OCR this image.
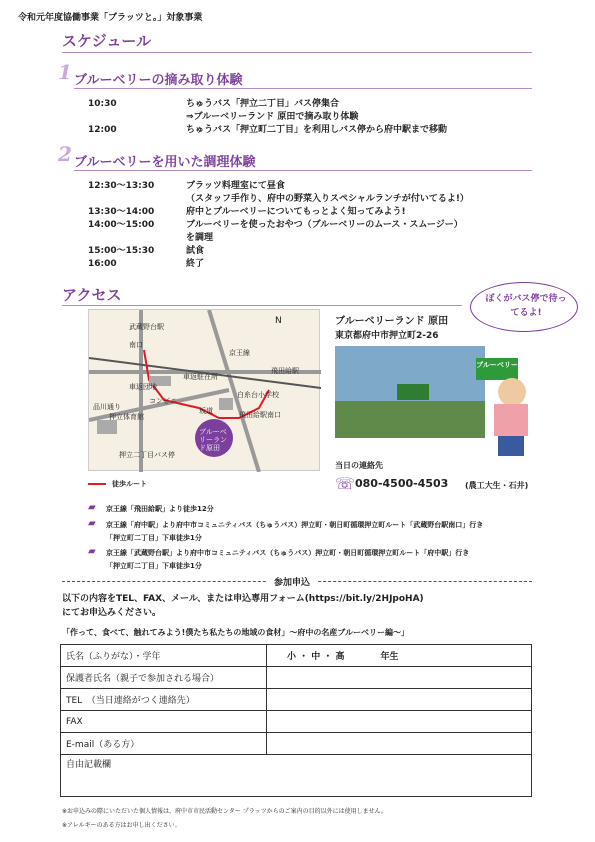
令和元年度協働事業「ブラッツと。」対象事業
スケジュール
1 ブルーベリーの摘み取り体験
10:30	ちゅうバス「押立二丁目」バス停集合
⇒ブルーベリーランド 原田で摘み取り体験
12:00	ちゅうバス「押立町二丁目」を利用しバス停から府中駅まで移動
2 ブルーベリーを用いた調理体験
12:30～13:30	ブラッツ料理室にて昼食
（スタッフ手作り、府中の野菜入りスペシャルランチが付いてるよ!）
13:30～14:00	府中とブルーベリーについてもっとよく知ってみよう!
14:00～15:00	ブルーベリーを使ったおやつ（ブルーベリーのムース・スムージー）
を調理
15:00～15:30	試食
16:00	終了
アクセス
武蔵野台駅
南口
京王線
飛田給駅
白糸台小学校
N
品川通り
押立体育館
押立二丁目バス停
ブルーベリーランド原田
車返駐在所
坂道
車返団地
飛田給駅南口
コンビニ
ブルーベリーランド 原田
東京都府中市押立町2-26
ぼくがバス停で待ってるよ!
ブルーベリー
当日の連絡先
☏ 080-4500-4503 (農工大生・石井)
徒歩ルート
▰ 京王線「飛田給駅」より徒歩12分
▰ 京王線「府中駅」より府中市コミュニティバス（ちゅうバス）押立町・朝日町循環押立町ルート「武蔵野台駅南口」行き
「押立町二丁目」下車徒歩1分
▰ 京王線「武蔵野台駅」より府中市コミュニティバス（ちゅうバス）押立町・朝日町循環押立町ルート「府中駅」行き
「押立町二丁目」下車徒歩1分
参加申込
以下の内容をTEL、FAX、メール、または申込専用フォーム(https://bit.ly/2HJpoHA)
にてお申込みください。
「作って、食べて、触れてみよう!僕たち私たちの地域の食材」～府中の名産ブルーベリー編～」
氏名（ふりがな）・学年	小 ・ 中 ・ 高　　　　年生
保護者氏名（親子で参加される場合）	
TEL　（当日連絡がつく連絡先）	
FAX	
E-mail（ある方）	
自由記載欄	
※お申込みの際にいただいた個人情報は、府中市市民活動センター プラッツからのご案内の目的以外には使用しません。
※アレルギーのある方はお申し出ください。
